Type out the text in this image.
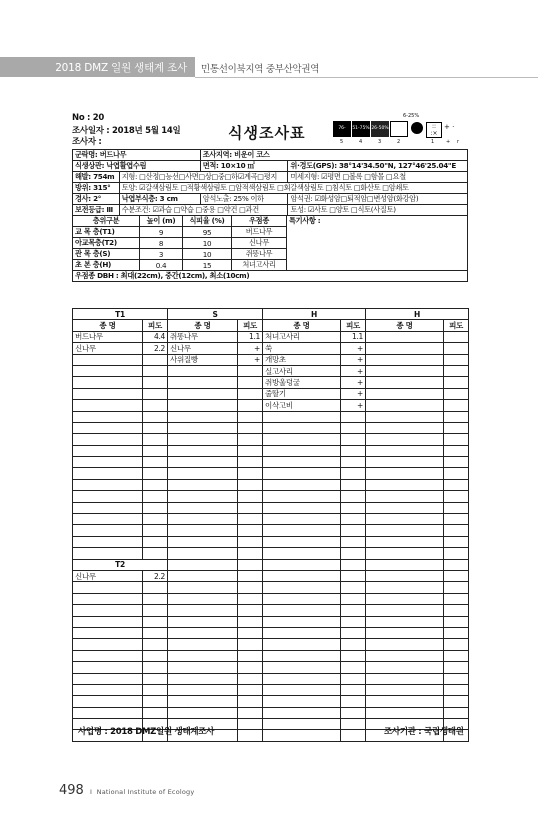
2018 DMZ 일원 생태계 조사 민통선이북지역 중부산악권역
No : 20
조사일자 : 2018년 5월 14일
조사자 :	식생조사표
6-25%
76-	51-75% 26-50%	::
:×
+ ·
5	4	3	2	1 + r
군락명: 버드나무		조사지역: 비운이 코스	
식생상관: 낙엽활엽수림		면적: 10×10 ㎡	위·경도(GPS): 38°14'34.50"N, 127°46'25.04"E
해발: 754m	지형: □산정□능선□사면□상□중□하☑계곡□평지		미세지형: ☑평면 □볼록 □함몰 □요철
방위: 315°	토양: ☑갈색삼림토 □적황색삼림토 □암적색삼림토 □회갈색삼림토 □침식토 □화산토 □암쇄토		
경사: 2°	낙엽부식층: 3 cm	암석노출: 25% 이하	암석권: ☑화성암□퇴적암□변성암(화강암)
보전등급: Ⅲ	수분조건: ☑과습 □약습 □중용 □약건 □과건		토성: ☑사토 □양토 □식토(사질토)
층위구분	높이 (m)	식피율 (%)	우점종	특기사항 :
교 목 층(T1)	9	95	버드나무	
아교목층(T2)	8	10	신나무	
관 목 층(S)	3	10	쥐똥나무	
초 본 층(H)	0.4	15	처녀고사리	
우점종 DBH : 최대(22cm), 중간(12cm), 최소(10cm)				
T1		S		H		H	
종 명	피도	종 명	피도	종 명	피도	종 명	피도
버드나무	4.4	쥐똥나무	1.1	처녀고사리	1.1		
신나무	2.2	신나무	+	쑥	+		
		사위질빵	+	개망초	+		
				실고사리	+		
				쥐방울덩굴	+		
				줄딸기	+		
				이삭고비	+		

T2							
신나무	2.2						

사업명 : 2018 DMZ일원 생태계조사	조사기관 : 국립생태원
498 I National Institute of Ecology
